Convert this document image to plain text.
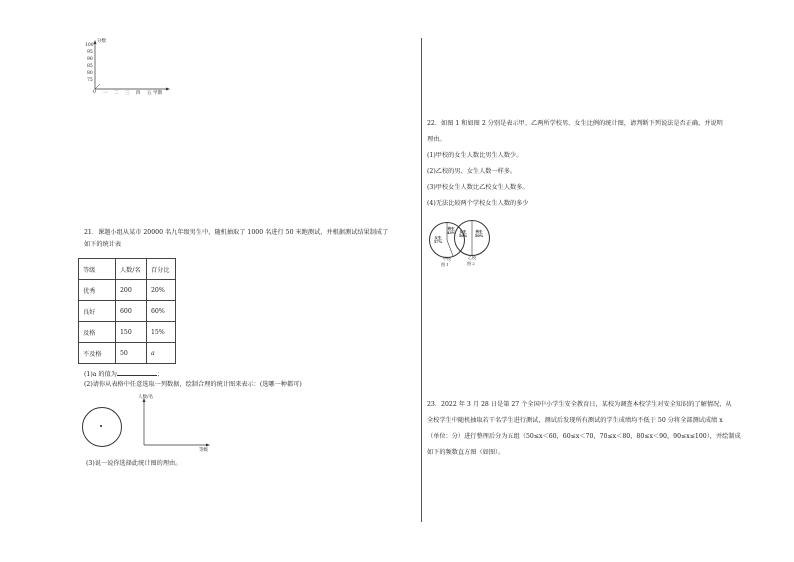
分数
100
95
90
85
80
75
0 一 二 三 四 五 学期
21．课题小组从某市 20000 名九年级男生中，随机抽取了 1000 名进行 50 米跑测试，并根据测试结果制成了
如下的统计表
等级	人数/名	百分比
优秀	200	20%
良好	600	60%
及格	150	15%
不及格	50	a
(1)a 的值为	；
(2)请你从表格中任意选取一列数据，绘制合理的统计图来表示：(选哪一种都可)
人数/名
等级
(3)说一说你选择此统计图的理由。
22．如图 1 和如图 2 分别是表示甲、乙两所学校男、女生比例的统计图，请判断下列说法是否正确，并说明
理由。
(1)甲校的女生人数比男生人数少。
(2)乙校的男、女生人数一样多。
(3)甲校女生人数比乙校女生人数多。
(4)无法比较两个学校女生人数的多少
男生
43%
女生
57%
甲校
图 1
女生
50%
男生
50%
乙校
图 2
23．2022 年 3 月 28 日是第 27 个全国中小学生安全教育日，某校为调查本校学生对安全知识的了解情况，从
全校学生中随机抽取若干名学生进行测试，测试后发现所有测试的学生成绩均不低于 50 分将全部测试成绩 x
（单位：分）进行整理后分为五组（50≤x＜60，60≤x＜70，70≤x＜80，80≤x＜90，90≤x≤100），并绘制成
如下的频数直方图（如图）。
